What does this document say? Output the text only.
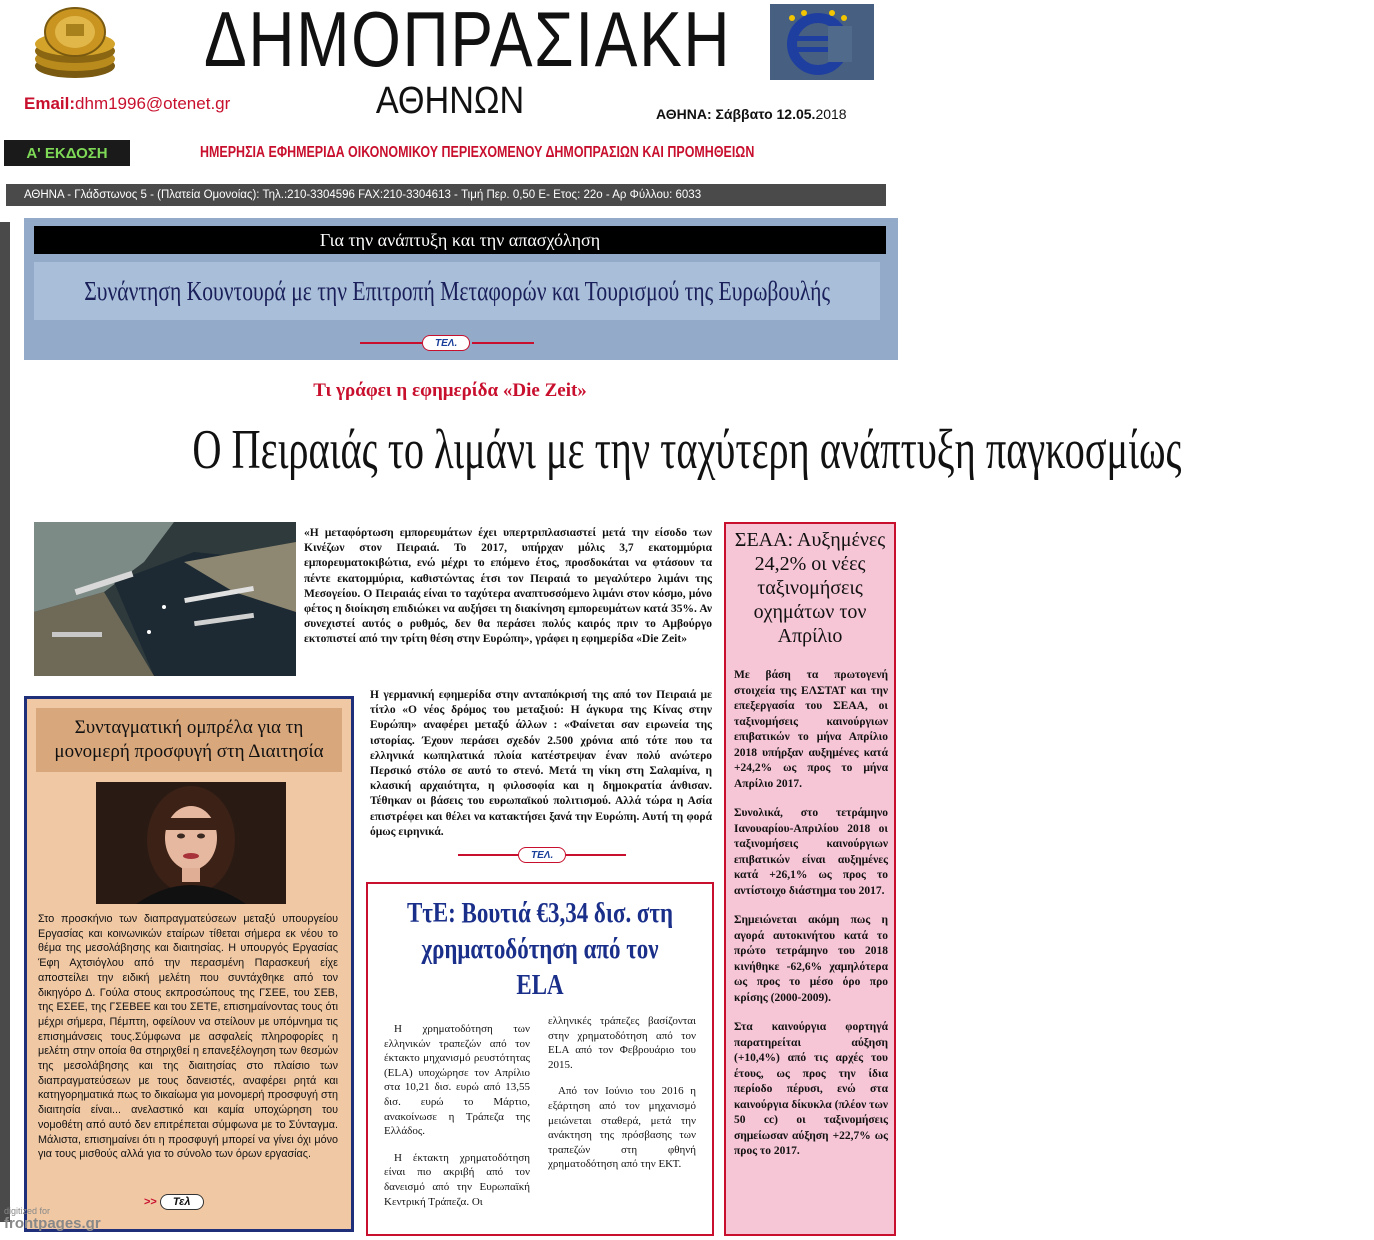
ΔΗΜΟΠΡΑΣΙΑΚΗ
Email:dhm1996@otenet.gr	ΑΘΗΝΩΝ	ΑΘΗΝΑ: Σάββατο 12.05.2018
Α' ΕΚΔΟΣΗ	ΗΜΕΡΗΣΙΑ ΕΦΗΜΕΡΙΔΑ ΟΙΚΟΝΟΜΙΚΟΥ ΠΕΡΙΕΧΟΜΕΝΟΥ ΔΗΜΟΠΡΑΣΙΩΝ ΚΑΙ ΠΡΟΜΗΘΕΙΩΝ
ΑΘΗΝΑ - Γλάδστωνος 5 - (Πλατεία Ομονοίας): Τηλ.:210-3304596 FAX:210-3304613 - Τιμή Περ. 0,50 Ε- Ετος: 22ο - Αρ Φύλλου: 6033
Για την ανάπτυξη και την απασχόληση
Συνάντηση Κουντουρά με την Επιτροπή Μεταφορών και Τουρισμού της Ευρωβουλής
ΤΕΛ.
Τι γράφει η εφημερίδα «Die Zeit»
Ο Πειραιάς το λιμάνι με την ταχύτερη ανάπτυξη παγκοσμίως
«Η μεταφόρτωση εμπορευμάτων έχει υπερτριπλασιαστεί μετά την είσοδο των Κινέζων στον Πειραιά. Το 2017, υπήρχαν μόλις 3,7 εκατομμύρια εμπορευματοκιβώτια, ενώ μέχρι το επόμενο έτος, προσδοκάται να φτάσουν τα πέντε εκατομμύρια, καθιστώντας έτσι τον Πειραιά το μεγαλύτερο λιμάνι της Μεσογείου. Ο Πειραιάς είναι το ταχύτερα αναπτυσσόμενο λιμάνι στον κόσμο, μόνο φέτος η διοίκηση επιδιώκει να αυξήσει τη διακίνηση εμπορευμάτων κατά 35%. Αν συνεχιστεί αυτός ο ρυθμός, δεν θα περάσει πολύς καιρός πριν το Αμβούργο εκτοπιστεί από την τρίτη θέση στην Ευρώπη», γράφει η εφημερίδα «Die Zeit»
Η γερμανική εφημερίδα στην ανταπόκρισή της από τον Πειραιά με τίτλο «Ο νέος δρόμος του μεταξιού: Η άγκυρα της Κίνας στην Ευρώπη» αναφέρει μεταξύ άλλων : «Φαίνεται σαν ειρωνεία της ιστορίας. Έχουν περάσει σχεδόν 2.500 χρόνια από τότε που τα ελληνικά κωπηλατικά πλοία κατέστρεψαν έναν πολύ ανώτερο Περσικό στόλο σε αυτό το στενό. Μετά τη νίκη στη Σαλαμίνα, η κλασική αρχαιότητα, η φιλοσοφία και η δημοκρατία άνθισαν. Τέθηκαν οι βάσεις του ευρωπαϊκού πολιτισμού. Αλλά τώρα η Ασία επιστρέφει και θέλει να κατακτήσει ξανά την Ευρώπη. Αυτή τη φορά όμως ειρηνικά.
ΤΕΛ.
ΣΕΑΑ: Αυξημένες 24,2% οι νέες ταξινομήσεις οχημάτων τον Απρίλιο

Με βάση τα πρωτογενή στοιχεία της ΕΛΣΤΑΤ και την επεξεργασία του ΣΕΑΑ, οι ταξινομήσεις καινούργιων επιβατικών το μήνα Απρίλιο 2018 υπήρξαν αυξημένες κατά +24,2% ως προς το μήνα Απρίλιο 2017.

Συνολικά, στο τετράμηνο Ιανουαρίου-Απριλίου 2018 οι ταξινομήσεις καινούργιων επιβατικών είναι αυξημένες κατά +26,1% ως προς το αντίστοιχο διάστημα του 2017.

Σημειώνεται ακόμη πως η αγορά αυτοκινήτου κατά το πρώτο τετράμηνο του 2018 κινήθηκε -62,6% χαμηλότερα ως προς το μέσο όρο προ κρίσης (2000-2009).

Στα καινούργια φορτηγά παρατηρείται αύξηση (+10,4%) από τις αρχές του έτους, ως προς την ίδια περίοδο πέρυσι, ενώ στα καινούργια δίκυκλα (πλέον των 50 cc) οι ταξινομήσεις σημείωσαν αύξηση +22,7% ως προς το 2017.

Συνταγματική ομπρέλα για τη μονομερή προσφυγή στη Διαιτησία
Στο προσκήνιο των διαπραγματεύσεων μεταξύ υπουργείου Εργασίας και κοινωνικών εταίρων τίθεται σήμερα εκ νέου το θέμα της μεσολάβησης και διαιτησίας. Η υπουργός Εργασίας Έφη Αχτσιόγλου από την περασμένη Παρασκευή είχε αποστείλει την ειδική μελέτη που συντάχθηκε από τον δικηγόρο Δ. Γούλα στους εκπροσώπους της ΓΣΕΕ, του ΣΕΒ, της ΕΣΕΕ, της ΓΣΕΒΕΕ και του ΣΕΤΕ, επισημαίνοντας τους ότι μέχρι σήμερα, Πέμπτη, οφείλουν να στείλουν με υπόμνημα τις επισημάνσεις τους.Σύμφωνα με ασφαλείς πληροφορίες η μελέτη στην οποία θα στηριχθεί η επανεξέλογηση των θεσμών της μεσολάβησης και της διαιτησίας στο πλαίσιο των διαπραγματεύσεων με τους δανειστές, αναφέρει ρητά και κατηγορηματικά πως το δικαίωμα για μονομερή προσφυγή στη διαιτησία είναι... ανελαστικό και καμία υποχώρηση του νομοθέτη από αυτό δεν επιτρέπεται σύμφωνα με το Σύνταγμα. Μάλιστα, επισημαίνει ότι η προσφυγή μπορεί να γίνει όχι μόνο για τους μισθούς αλλά για το σύνολο των όρων εργασίας.
>>	Τελ
ΤτΕ: Βουτιά €3,34 δισ. στη χρηματοδότηση από τον ELA

Η χρηματοδότηση των ελληνικών τραπεζών από τον έκτακτο μηχανισμό ρευστότητας (ELA) υποχώρησε τον Απρίλιο στα 10,21 δισ. ευρώ από 13,55 δισ. ευρώ το Μάρτιο, ανακοίνωσε η Τράπεζα της Ελλάδος.

Η έκτακτη χρηματοδότηση είναι πιο ακριβή από τον δανεισμό από την Ευρωπαϊκή Κεντρική Τράπεζα. Οι

ελληνικές τράπεζες βασίζονται στην χρηματοδότηση από τον ELA από τον Φεβρουάριο του 2015.

Από τον Ιούνιο του 2016 η εξάρτηση από τον μηχανισμό μειώνεται σταθερά, μετά την ανάκτηση της πρόσβασης των τραπεζών στη φθηνή χρηματοδότηση από την ΕΚΤ.

digitized for
frontpages.gr
